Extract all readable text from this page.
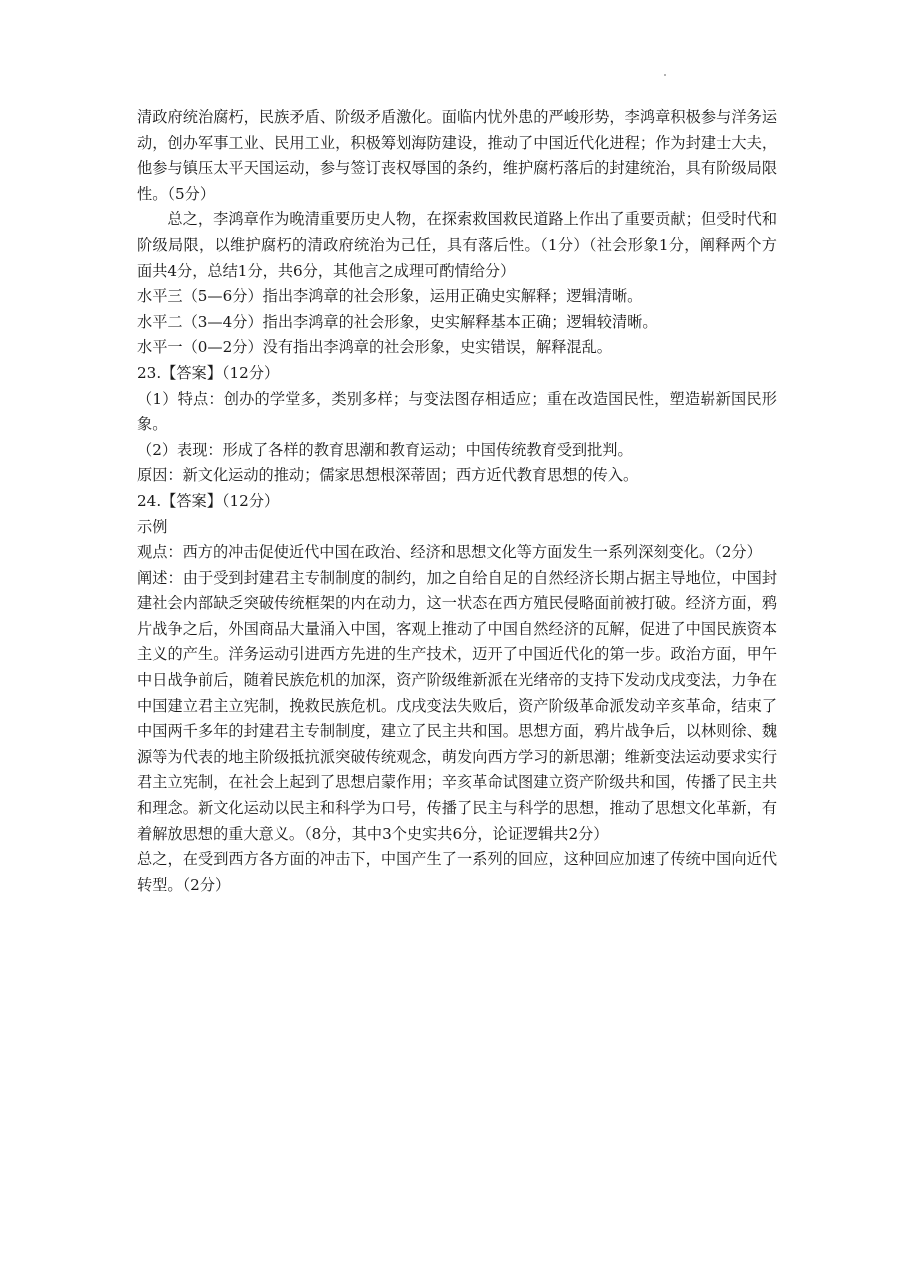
清政府统治腐朽，民族矛盾、阶级矛盾激化。面临内忧外患的严峻形势，李鸿章积极参与洋务运动，创办军事工业、民用工业，积极筹划海防建设，推动了中国近代化进程；作为封建士大夫，他参与镇压太平天国运动，参与签订丧权辱国的条约，维护腐朽落后的封建统治，具有阶级局限性。（5分）

总之，李鸿章作为晚清重要历史人物，在探索救国救民道路上作出了重要贡献；但受时代和阶级局限，以维护腐朽的清政府统治为己任，具有落后性。（1分）（社会形象1分，阐释两个方面共4分，总结1分，共6分，其他言之成理可酌情给分）

水平三（5—6分）指出李鸿章的社会形象，运用正确史实解释；逻辑清晰。

水平二（3—4分）指出李鸿章的社会形象，史实解释基本正确；逻辑较清晰。

水平一（0—2分）没有指出李鸿章的社会形象，史实错误，解释混乱。

23.【答案】（12分）

（1）特点：创办的学堂多，类别多样；与变法图存相适应；重在改造国民性，塑造崭新国民形象。

（2）表现：形成了各样的教育思潮和教育运动；中国传统教育受到批判。

原因：新文化运动的推动；儒家思想根深蒂固；西方近代教育思想的传入。

24.【答案】（12分）

示例

观点：西方的冲击促使近代中国在政治、经济和思想文化等方面发生一系列深刻变化。（2分）

阐述：由于受到封建君主专制制度的制约，加之自给自足的自然经济长期占据主导地位，中国封建社会内部缺乏突破传统框架的内在动力，这一状态在西方殖民侵略面前被打破。经济方面，鸦片战争之后，外国商品大量涌入中国，客观上推动了中国自然经济的瓦解，促进了中国民族资本主义的产生。洋务运动引进西方先进的生产技术，迈开了中国近代化的第一步。政治方面，甲午中日战争前后，随着民族危机的加深，资产阶级维新派在光绪帝的支持下发动戊戌变法，力争在中国建立君主立宪制，挽救民族危机。戊戌变法失败后，资产阶级革命派发动辛亥革命，结束了中国两千多年的封建君主专制制度，建立了民主共和国。思想方面，鸦片战争后，以林则徐、魏源等为代表的地主阶级抵抗派突破传统观念，萌发向西方学习的新思潮；维新变法运动要求实行君主立宪制，在社会上起到了思想启蒙作用；辛亥革命试图建立资产阶级共和国，传播了民主共和理念。新文化运动以民主和科学为口号，传播了民主与科学的思想，推动了思想文化革新，有着解放思想的重大意义。（8分，其中3个史实共6分，论证逻辑共2分）

总之，在受到西方各方面的冲击下，中国产生了一系列的回应，这种回应加速了传统中国向近代转型。（2分）
